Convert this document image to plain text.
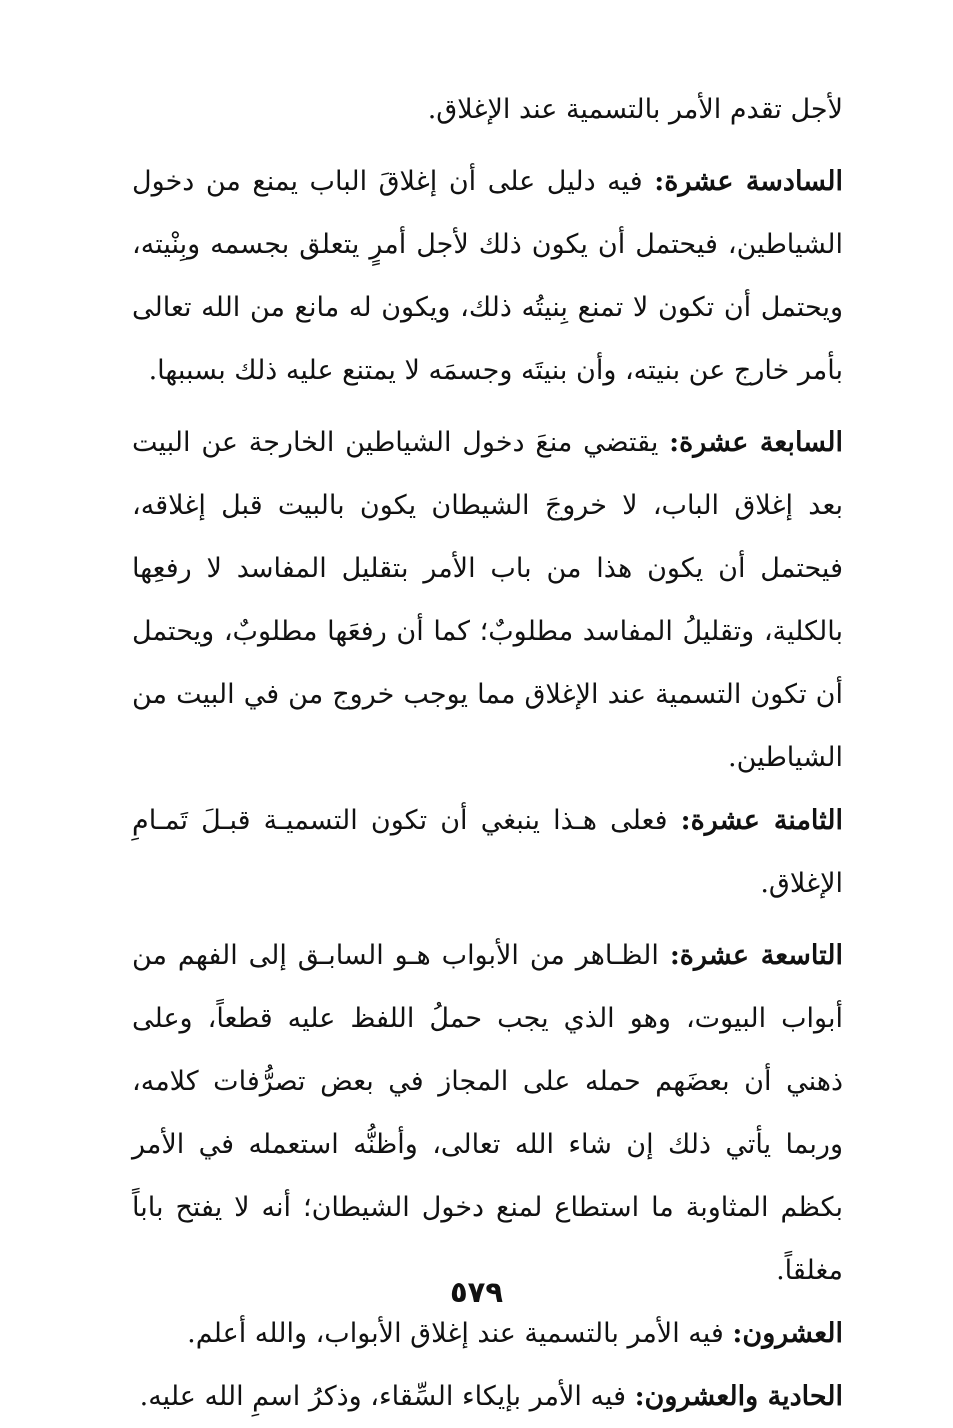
لأجل تقدم الأمر بالتسمية عند الإغلاق.

السادسة عشرة: فيه دليل على أن إغلاقَ الباب يمنع من دخول الشياطين، فيحتمل أن يكون ذلك لأجل أمرٍ يتعلق بجسمه وبِنْيته، ويحتمل أن تكون لا تمنع بِنيتُه ذلك، ويكون له مانع من الله تعالى بأمر خارج عن بنيته، وأن بنيتَه وجسمَه لا يمتنع عليه ذلك بسببها.

السابعة عشرة: يقتضي منعَ دخول الشياطين الخارجة عن البيت بعد إغلاق الباب، لا خروجَ الشيطان يكون بالبيت قبل إغلاقه، فيحتمل أن يكون هذا من باب الأمر بتقليل المفاسد لا رفعِها بالكلية، وتقليلُ المفاسد مطلوبٌ؛ كما أن رفعَها مطلوبٌ، ويحتمل أن تكون التسمية عند الإغلاق مما يوجب خروج من في البيت من الشياطين.

الثامنة عشرة: فعلى هـذا ينبغي أن تكون التسميـة قبـلَ تَمـامِ الإغلاق.

التاسعة عشرة: الظـاهر من الأبواب هـو السابـق إلى الفهم من أبواب البيوت، وهو الذي يجب حملُ اللفظ عليه قطعاً، وعلى ذهني أن بعضَهم حمله على المجاز في بعض تصرُّفات كلامه، وربما يأتي ذلك إن شاء الله تعالى، وأظنُّه استعمله في الأمر بكظم المثاوبة ما استطاع لمنع دخول الشيطان؛ أنه لا يفتح باباً مغلقاً.

العشرون: فيه الأمر بالتسمية عند إغلاق الأبواب، والله أعلم.

الحادية والعشرون: فيه الأمر بإيكاء السِّقاء، وذكرُ اسمِ الله عليه.

٥٧٩
